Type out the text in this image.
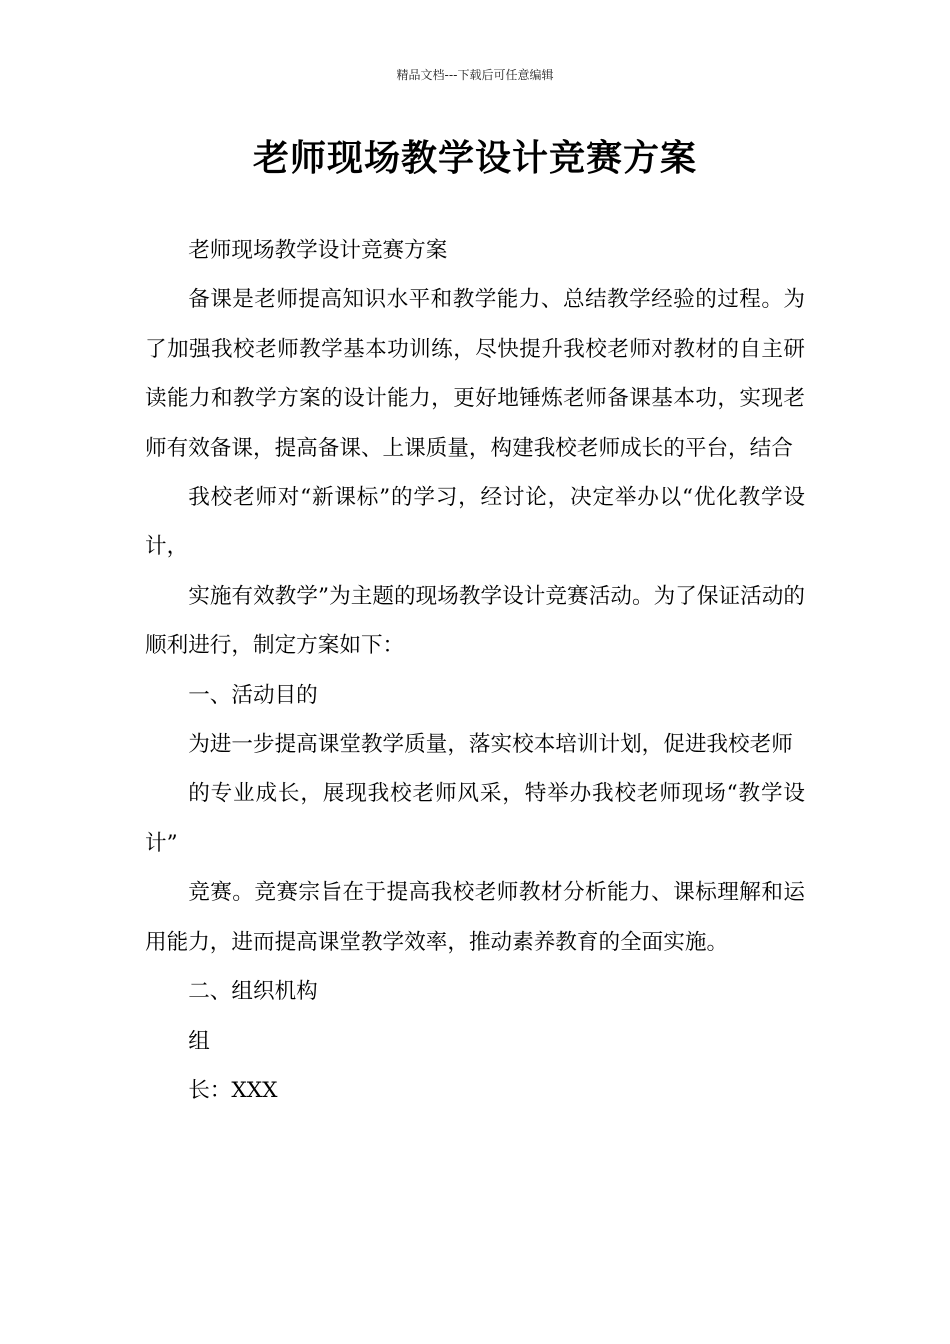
精品文档---下载后可任意编辑
老师现场教学设计竞赛方案

老师现场教学设计竞赛方案

备课是老师提高知识水平和教学能力、总结教学经验的过程。为了加强我校老师教学基本功训练，尽快提升我校老师对教材的自主研读能力和教学方案的设计能力，更好地锤炼老师备课基本功，实现老师有效备课，提高备课、上课质量，构建我校老师成长的平台，结合

我校老师对“新课标”的学习，经讨论，决定举办以“优化教学设计，

实施有效教学”为主题的现场教学设计竞赛活动。为了保证活动的顺利进行，制定方案如下：

一、活动目的

为进一步提高课堂教学质量，落实校本培训计划，促进我校老师

的专业成长，展现我校老师风采，特举办我校老师现场“教学设计”

竞赛。竞赛宗旨在于提高我校老师教材分析能力、课标理解和运用能力，进而提高课堂教学效率，推动素养教育的全面实施。

二、组织机构

组

长：XXX
